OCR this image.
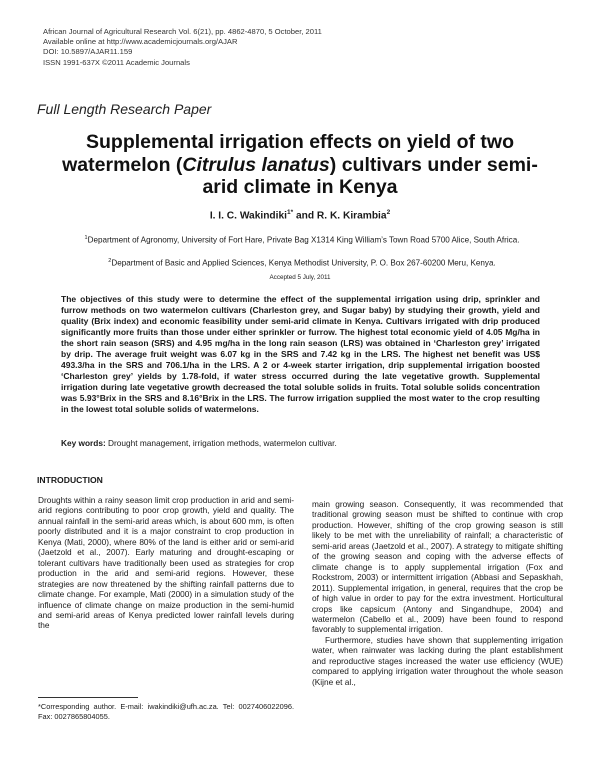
African Journal of Agricultural Research Vol. 6(21), pp. 4862-4870, 5 October, 2011
Available online at http://www.academicjournals.org/AJAR
DOI: 10.5897/AJAR11.159
ISSN 1991-637X ©2011 Academic Journals
Full Length Research Paper
Supplemental irrigation effects on yield of two watermelon (Citrulus lanatus) cultivars under semi-arid climate in Kenya
I. I. C. Wakindiki$^{1*}$ and R. K. Kirambia$^2$
$^1$Department of Agronomy, University of Fort Hare, Private Bag X1314 King William’s Town Road 5700 Alice, South Africa.
$^2$Department of Basic and Applied Sciences, Kenya Methodist University, P. O. Box 267-60200 Meru, Kenya.
Accepted 5 July, 2011
The objectives of this study were to determine the effect of the supplemental irrigation using drip, sprinkler and furrow methods on two watermelon cultivars (Charleston grey, and Sugar baby) by studying their growth, yield and quality (Brix index) and economic feasibility under semi-arid climate in Kenya. Cultivars irrigated with drip produced significantly more fruits than those under either sprinkler or furrow. The highest total economic yield of 4.05 Mg/ha in the short rain season (SRS) and 4.95 mg/ha in the long rain season (LRS) was obtained in ‘Charleston grey’ irrigated by drip. The average fruit weight was 6.07 kg in the SRS and 7.42 kg in the LRS. The highest net benefit was US$ 493.3/ha in the SRS and 706.1/ha in the LRS. A 2 or 4-week starter irrigation, drip supplemental irrigation boosted ‘Charleston grey’ yields by 1.78-fold, if water stress occurred during the late vegetative growth. Supplemental irrigation during late vegetative growth decreased the total soluble solids in fruits. Total soluble solids concentration was 5.93°Brix in the SRS and 8.16°Brix in the LRS. The furrow irrigation supplied the most water to the crop resulting in the lowest total soluble solids of watermelons.
Key words: Drought management, irrigation methods, watermelon cultivar.
INTRODUCTION
Droughts within a rainy season limit crop production in arid and semi-arid regions contributing to poor crop growth, yield and quality. The annual rainfall in the semi-arid areas which, is about 600 mm, is often poorly distributed and it is a major constraint to crop production in Kenya (Mati, 2000), where 80% of the land is either arid or semi-arid (Jaetzold et al., 2007). Early maturing and drought-escaping or tolerant cultivars have traditionally been used as strategies for crop production in the arid and semi-arid regions. However, these strategies are now threatened by the shifting rainfall patterns due to climate change. For example, Mati (2000) in a simulation study of the influence of climate change on maize production in the semi-humid and semi-arid areas of Kenya predicted lower rainfall levels during the

main growing season. Consequently, it was recommended that traditional growing season must be shifted to continue with crop production. However, shifting of the crop growing season is still likely to be met with the unreliability of rainfall; a characteristic of semi-arid areas (Jaetzold et al., 2007). A strategy to mitigate shifting of the growing season and coping with the adverse effects of climate change is to apply supplemental irrigation (Fox and Rockstrom, 2003) or intermittent irrigation (Abbasi and Sepaskhah, 2011). Supplemental irrigation, in general, requires that the crop be of high value in order to pay for the extra investment. Horticultural crops like capsicum (Antony and Singandhupe, 2004) and watermelon (Cabello et al., 2009) have been found to respond favorably to supplemental irrigation.

Furthermore, studies have shown that supplementing irrigation water, when rainwater was lacking during the plant establishment and reproductive stages increased the water use efficiency (WUE) compared to applying irrigation water throughout the whole season (Kijne et al.,

*Corresponding author. E-mail: iwakindiki@ufh.ac.za. Tel: 0027406022096. Fax: 0027865804055.
